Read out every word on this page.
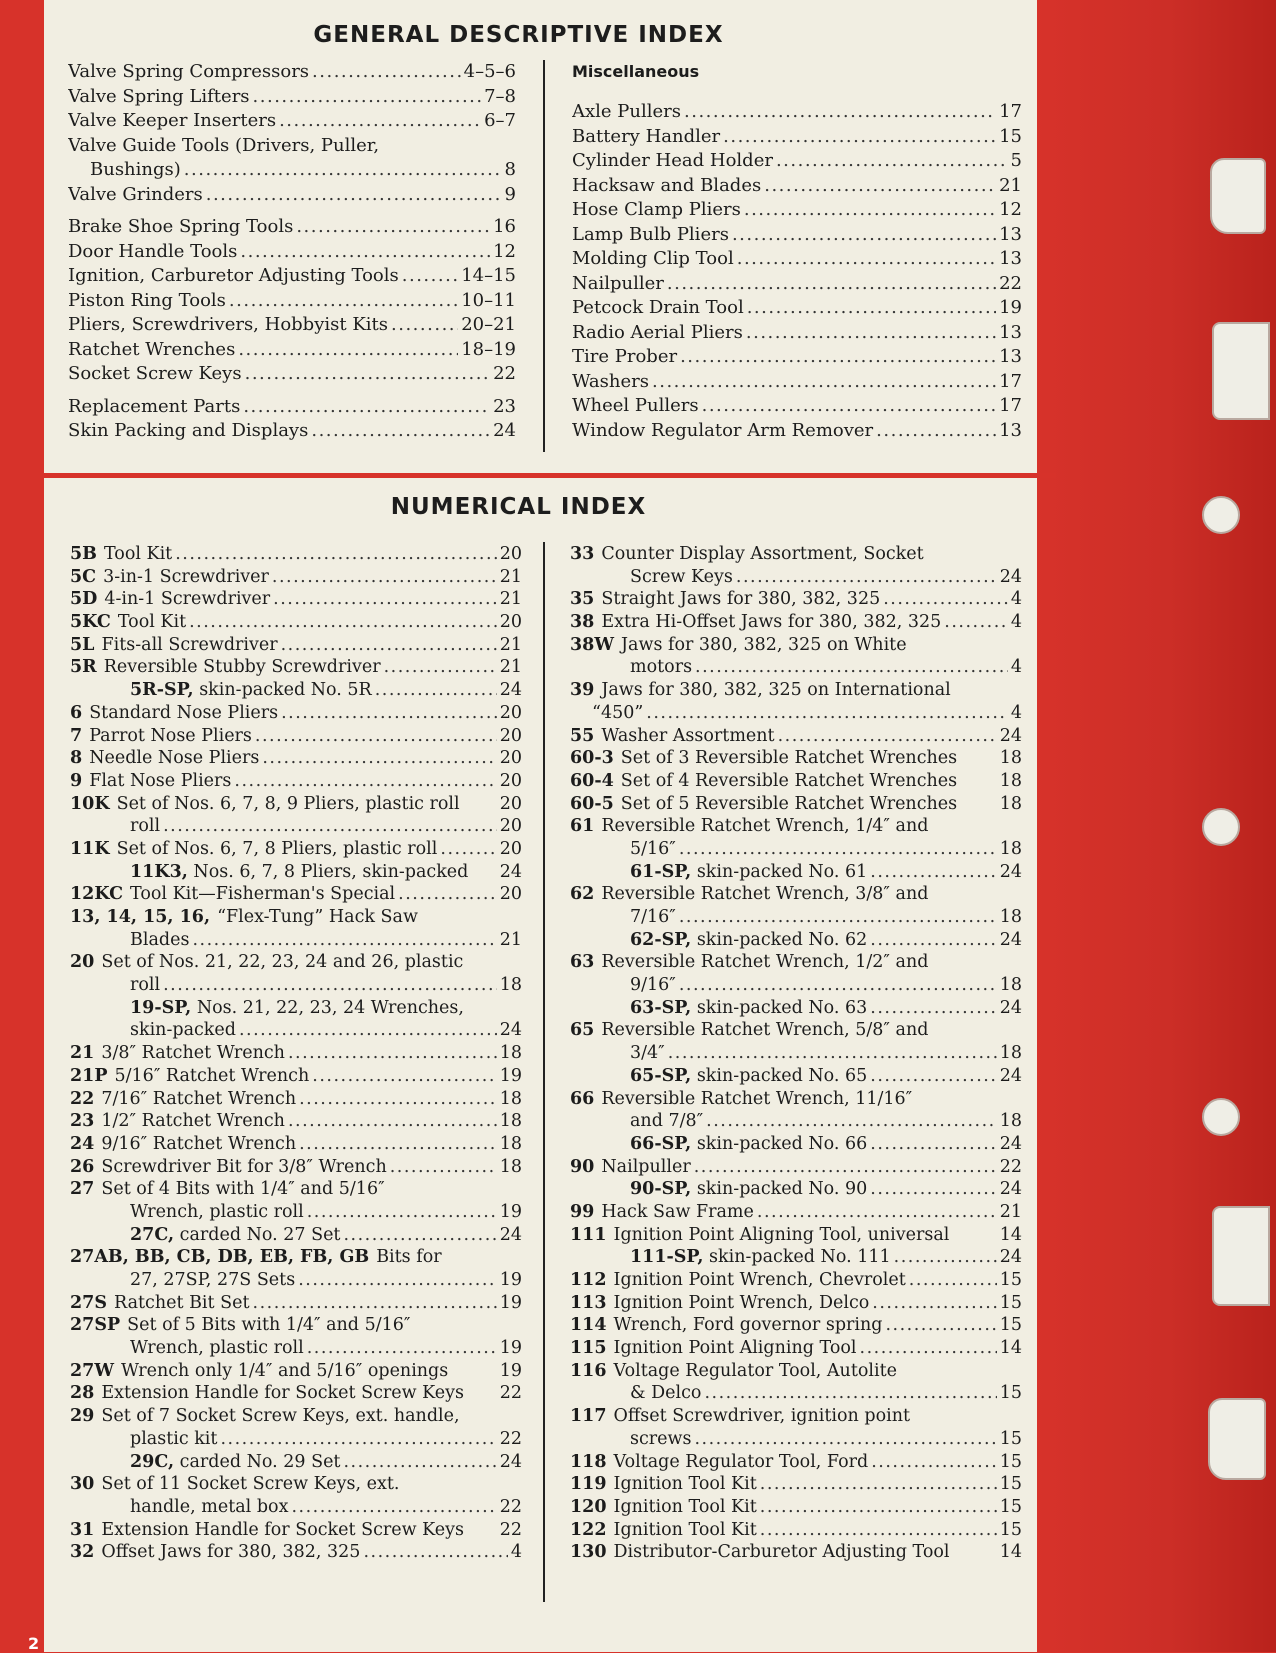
GENERAL DESCRIPTIVE INDEX
Valve Spring Compressors .....	4–5–6
Valve Spring Lifters .....	7–8
Valve Keeper Inserters .....	6–7
Valve Guide Tools (Drivers, Puller,
Bushings) .....	8
Valve Grinders .....	9
Brake Shoe Spring Tools .....	16
Door Handle Tools .....	12
Ignition, Carburetor Adjusting Tools .....	14–15
Piston Ring Tools .....	10–11
Pliers, Screwdrivers, Hobbyist Kits .....	20–21
Ratchet Wrenches .....	18–19
Socket Screw Keys .....	22
Replacement Parts .....	23
Skin Packing and Displays .....	24
Miscellaneous
Axle Pullers .....	17
Battery Handler .....	15
Cylinder Head Holder .....	5
Hacksaw and Blades .....	21
Hose Clamp Pliers .....	12
Lamp Bulb Pliers .....	13
Molding Clip Tool .....	13
Nailpuller .....	22
Petcock Drain Tool .....	19
Radio Aerial Pliers .....	13
Tire Prober .....	13
Washers .....	17
Wheel Pullers .....	17
Window Regulator Arm Remover .....	13
NUMERICAL INDEX
5B Tool Kit .....	20
5C 3-in-1 Screwdriver .....	21
5D 4-in-1 Screwdriver .....	21
5KC Tool Kit .....	20
5L Fits-all Screwdriver .....	21
5R Reversible Stubby Screwdriver .....	21
5R-SP, skin-packed No. 5R .....	24
6 Standard Nose Pliers .....	20
7 Parrot Nose Pliers .....	20
8 Needle Nose Pliers .....	20
9 Flat Nose Pliers .....	20
10K Set of Nos. 6, 7, 8, 9 Pliers, plastic roll 20
roll .....	20
11K Set of Nos. 6, 7, 8 Pliers, plastic roll .....	20
11K3, Nos. 6, 7, 8 Pliers, skin-packed 24
12KC Tool Kit—Fisherman's Special .....	20
13, 14, 15, 16, “Flex-Tung” Hack Saw
Blades .....	21
20 Set of Nos. 21, 22, 23, 24 and 26, plastic
roll .....	18
19-SP, Nos. 21, 22, 23, 24 Wrenches,
skin-packed .....	24
21 3/8″ Ratchet Wrench .....	18
21P 5/16″ Ratchet Wrench .....	19
22 7/16″ Ratchet Wrench .....	18
23 1/2″ Ratchet Wrench .....	18
24 9/16″ Ratchet Wrench .....	18
26 Screwdriver Bit for 3/8″ Wrench .....	18
27 Set of 4 Bits with 1/4″ and 5/16″
Wrench, plastic roll .....	19
27C, carded No. 27 Set .....	24
27AB, BB, CB, DB, EB, FB, GB Bits for
27, 27SP, 27S Sets .....	19
27S Ratchet Bit Set .....	19
27SP Set of 5 Bits with 1/4″ and 5/16″
Wrench, plastic roll .....	19
27W Wrench only 1/4″ and 5/16″ openings	19
28 Extension Handle for Socket Screw Keys 22
29 Set of 7 Socket Screw Keys, ext. handle,
plastic kit .....	22
29C, carded No. 29 Set .....	24
30 Set of 11 Socket Screw Keys, ext.
handle, metal box .....	22
31 Extension Handle for Socket Screw Keys 22
32 Offset Jaws for 380, 382, 325 .....	4
33 Counter Display Assortment, Socket
Screw Keys .....	24
35 Straight Jaws for 380, 382, 325 .....	4
38 Extra Hi-Offset Jaws for 380, 382, 325 .....	4
38W Jaws for 380, 382, 325 on White
motors .....	4
39 Jaws for 380, 382, 325 on International
“450” .....	4
55 Washer Assortment .....	24
60-3 Set of 3 Reversible Ratchet Wrenches 18
60-4 Set of 4 Reversible Ratchet Wrenches 18
60-5 Set of 5 Reversible Ratchet Wrenches 18
61 Reversible Ratchet Wrench, 1/4″ and
5/16″ .....	18
61-SP, skin-packed No. 61 .....	24
62 Reversible Ratchet Wrench, 3/8″ and
7/16″ .....	18
62-SP, skin-packed No. 62 .....	24
63 Reversible Ratchet Wrench, 1/2″ and
9/16″ .....	18
63-SP, skin-packed No. 63 .....	24
65 Reversible Ratchet Wrench, 5/8″ and
3/4″ .....	18
65-SP, skin-packed No. 65 .....	24
66 Reversible Ratchet Wrench, 11/16″
and 7/8″ .....	18
66-SP, skin-packed No. 66 .....	24
90 Nailpuller .....	22
90-SP, skin-packed No. 90 .....	24
99 Hack Saw Frame .....	21
111 Ignition Point Aligning Tool, universal	14
111-SP, skin-packed No. 111 .....	24
112 Ignition Point Wrench, Chevrolet .....	15
113 Ignition Point Wrench, Delco .....	15
114 Wrench, Ford governor spring .....	15
115 Ignition Point Aligning Tool .....	14
116 Voltage Regulator Tool, Autolite
& Delco .....	15
117 Offset Screwdriver, ignition point
screws .....	15
118 Voltage Regulator Tool, Ford .....	15
119 Ignition Tool Kit .....	15
120 Ignition Tool Kit .....	15
122 Ignition Tool Kit .....	15
130 Distributor-Carburetor Adjusting Tool	14
2
